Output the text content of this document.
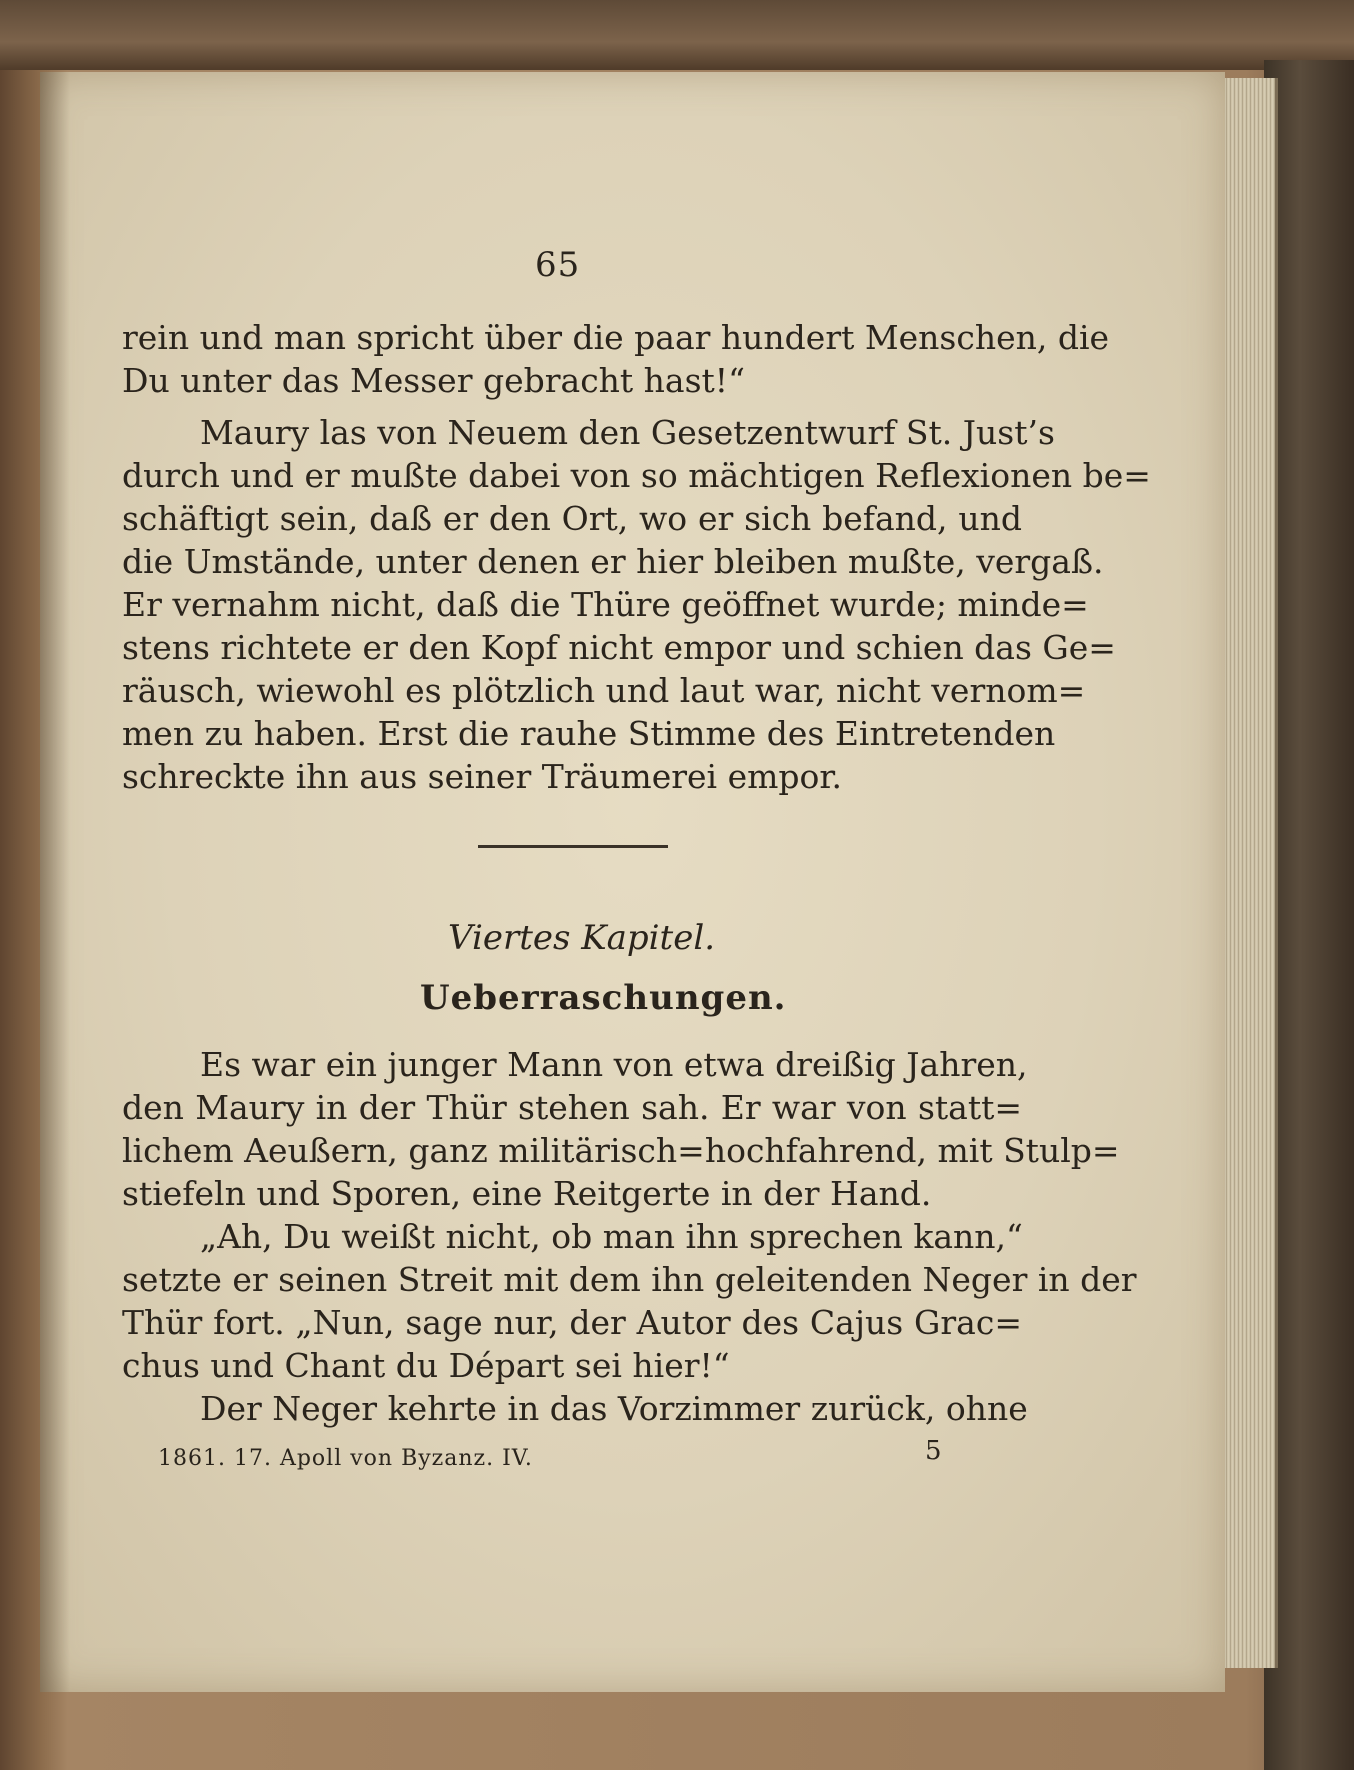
65
rein und man spricht über die paar hundert Menschen, die
Du unter das Messer gebracht hast!“
Maury las von Neuem den Gesetzentwurf St. Just’s
durch und er mußte dabei von so mächtigen Reflexionen be=
schäftigt sein, daß er den Ort, wo er sich befand, und
die Umstände, unter denen er hier bleiben mußte, vergaß.
Er vernahm nicht, daß die Thüre geöffnet wurde; minde=
stens richtete er den Kopf nicht empor und schien das Ge=
räusch, wiewohl es plötzlich und laut war, nicht vernom=
men zu haben. Erst die rauhe Stimme des Eintretenden
schreckte ihn aus seiner Träumerei empor.
Viertes Kapitel.
Ueberraschungen.
Es war ein junger Mann von etwa dreißig Jahren,
den Maury in der Thür stehen sah. Er war von statt=
lichem Aeußern, ganz militärisch=hochfahrend, mit Stulp=
stiefeln und Sporen, eine Reitgerte in der Hand.
„Ah, Du weißt nicht, ob man ihn sprechen kann,“
setzte er seinen Streit mit dem ihn geleitenden Neger in der
Thür fort. „Nun, sage nur, der Autor des Cajus Grac=
chus und Chant du Départ sei hier!“
Der Neger kehrte in das Vorzimmer zurück, ohne
1861. 17. Apoll von Byzanz. IV.	5
